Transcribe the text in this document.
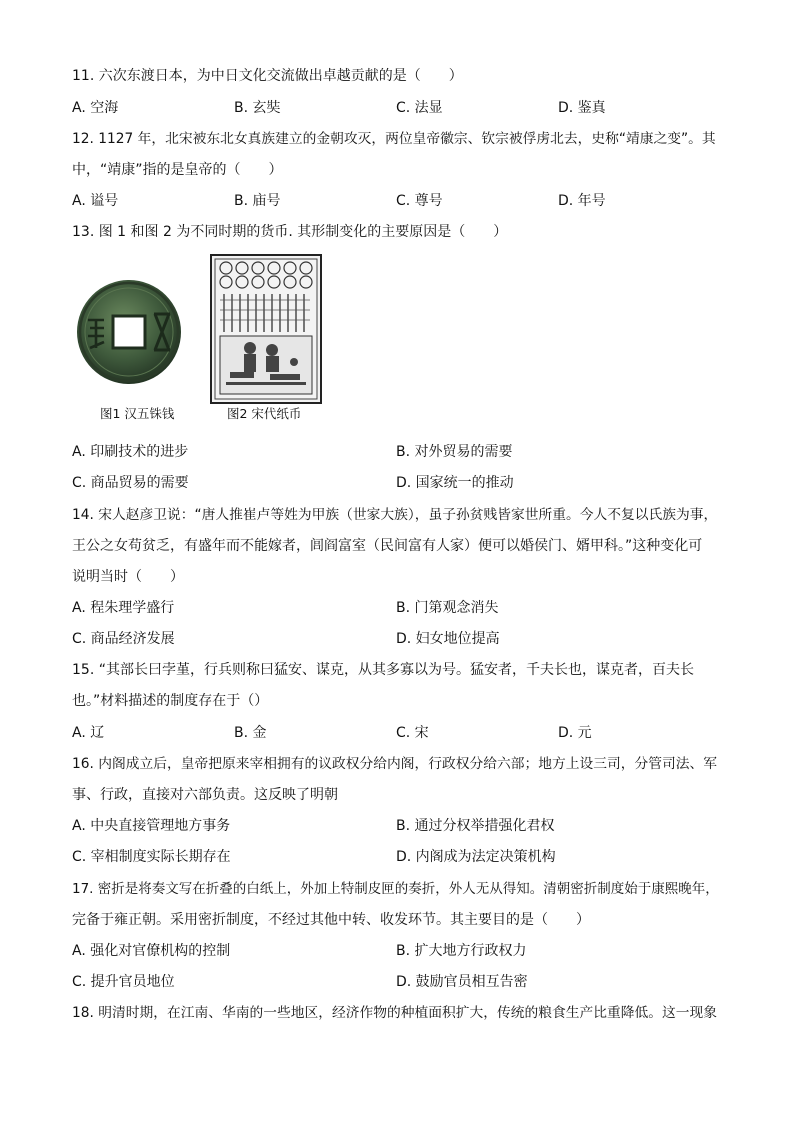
11. 六次东渡日本，为中日文化交流做出卓越贡献的是（　　）
A. 空海	B. 玄奘	C. 法显	D. 鉴真
12. 1127 年，北宋被东北女真族建立的金朝攻灭，两位皇帝徽宗、钦宗被俘虏北去，史称“靖康之变”。其
中，“靖康”指的是皇帝的（　　）
A. 谥号	B. 庙号	C. 尊号	D. 年号
13. 图 1 和图 2 为不同时期的货币. 其形制变化的主要原因是（　　）
图1 汉五铢钱	图2 宋代纸币
A. 印刷技术的进步	B. 对外贸易的需要
C. 商品贸易的需要	D. 国家统一的推动
14. 宋人赵彦卫说：“唐人推崔卢等姓为甲族（世家大族），虽子孙贫贱皆家世所重。今人不复以氏族为事，
王公之女苟贫乏，有盛年而不能嫁者，闾阎富室（民间富有人家）便可以婚侯门、婿甲科。”这种变化可
说明当时（　　）
A. 程朱理学盛行	B. 门第观念消失
C. 商品经济发展	D. 妇女地位提高
15. “其部长曰孛堇，行兵则称曰猛安、谋克，从其多寡以为号。猛安者，千夫长也，谋克者，百夫长
也。”材料描述的制度存在于（）
A. 辽	B. 金	C. 宋	D. 元
16. 内阁成立后，皇帝把原来宰相拥有的议政权分给内阁，行政权分给六部；地方上设三司，分管司法、军
事、行政，直接对六部负责。这反映了明朝
A. 中央直接管理地方事务	B. 通过分权举措强化君权
C. 宰相制度实际长期存在	D. 内阁成为法定决策机构
17. 密折是将奏文写在折叠的白纸上，外加上特制皮匣的奏折，外人无从得知。清朝密折制度始于康熙晚年，
完备于雍正朝。采用密折制度，不经过其他中转、收发环节。其主要目的是（　　）
A. 强化对官僚机构的控制	B. 扩大地方行政权力
C. 提升官员地位	D. 鼓励官员相互告密
18. 明清时期，在江南、华南的一些地区，经济作物的种植面积扩大，传统的粮食生产比重降低。这一现象
